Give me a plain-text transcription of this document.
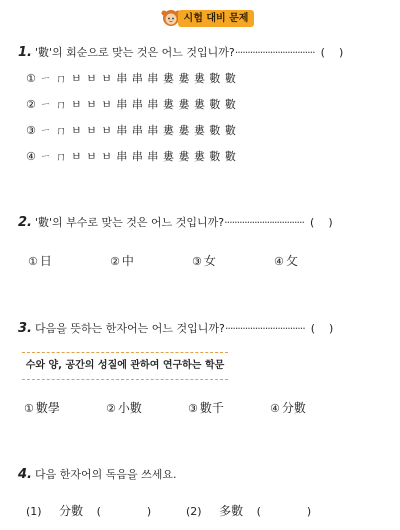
시험 대비 문제
1. '數'의 회순으로 맞는 것은 어느 것입니까?································ ( )
① ㄧ ㄇ ㅂ ㅂ ㅂ 串 串 串 婁 婁 婁 數 數
② ㄧ ㄇ ㅂ ㅂ ㅂ 串 串 串 婁 婁 婁 數 數
③ ㄧ ㄇ ㅂ ㅂ ㅂ 串 串 串 婁 婁 婁 數 數
④ ㄧ ㄇ ㅂ ㅂ ㅂ 串 串 串 婁 婁 婁 數 數
2. '數'의 부수로 맞는 것은 어느 것입니까?································ ( )
① 日	② 中	③ 女	④ 攵
3. 다음을 뜻하는 한자어는 어느 것입니까?································ ( )
수와 양, 공간의 성질에 관하여 연구하는 학문
① 數學	② 小數	③ 數千	④ 分數
4. 다음 한자어의 독음을 쓰세요.
(1) 分數 (	)	(2) 多數 (	)
